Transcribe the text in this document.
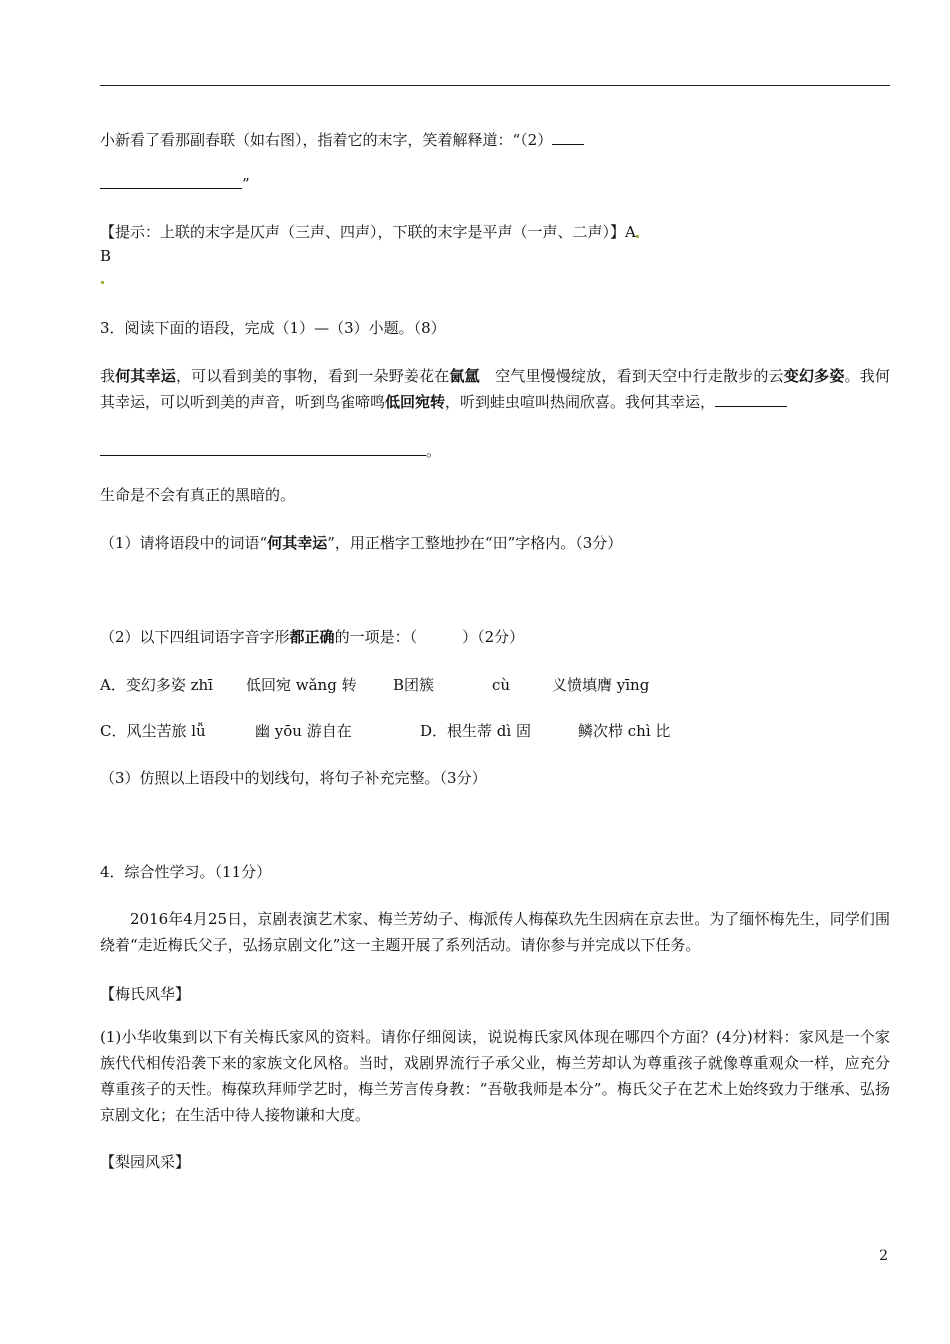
小新看了看那副春联（如右图），指着它的末字，笑着解释道：“（2）
”
【提示：上联的末字是仄声（三声、四声），下联的末字是平声（一声、二声）】A
B
3．阅读下面的语段，完成（1）—（3）小题。（8）
我何其幸运，可以看到美的事物，看到一朵野姜花在氤氲　空气里慢慢绽放，看到天空中行走散步的云变幻多姿。我何其幸运，可以听到美的声音，听到鸟雀啼鸣低回宛转，听到蛙虫喧叫热闹欣喜。我何其幸运，
。
生命是不会有真正的黑暗的。
（1）请将语段中的词语“何其幸运”，用正楷字工整地抄在“田”字格内。（3分）
（2）以下四组词语字音字形都正确的一项是：（　　　）（2分）
A．变幻多姿 zhī 低回宛 wǎng 转 B团簇	cù	义愤填膺 yīng
C．风尘苦旅 lǚ	幽 yōu 游自在	D．根生蒂 dì 固	鳞次栉 chì 比
（3）仿照以上语段中的划线句，将句子补充完整。（3分）
4．综合性学习。（11分）
2016年4月25日，京剧表演艺术家、梅兰芳幼子、梅派传人梅葆玖先生因病在京去世。为了缅怀梅先生，同学们围绕着“走近梅氏父子，弘扬京剧文化”这一主题开展了系列活动。请你参与并完成以下任务。
【梅氏风华】
(1)小华收集到以下有关梅氏家风的资料。请你仔细阅读，说说梅氏家风体现在哪四个方面？(4分)材料：家风是一个家族代代相传沿袭下来的家族文化风格。当时，戏剧界流行子承父业，梅兰芳却认为尊重孩子就像尊重观众一样，应充分尊重孩子的天性。梅葆玖拜师学艺时，梅兰芳言传身教：“吾敬我师是本分”。梅氏父子在艺术上始终致力于继承、弘扬京剧文化；在生活中待人接物谦和大度。
【梨园风采】
2
